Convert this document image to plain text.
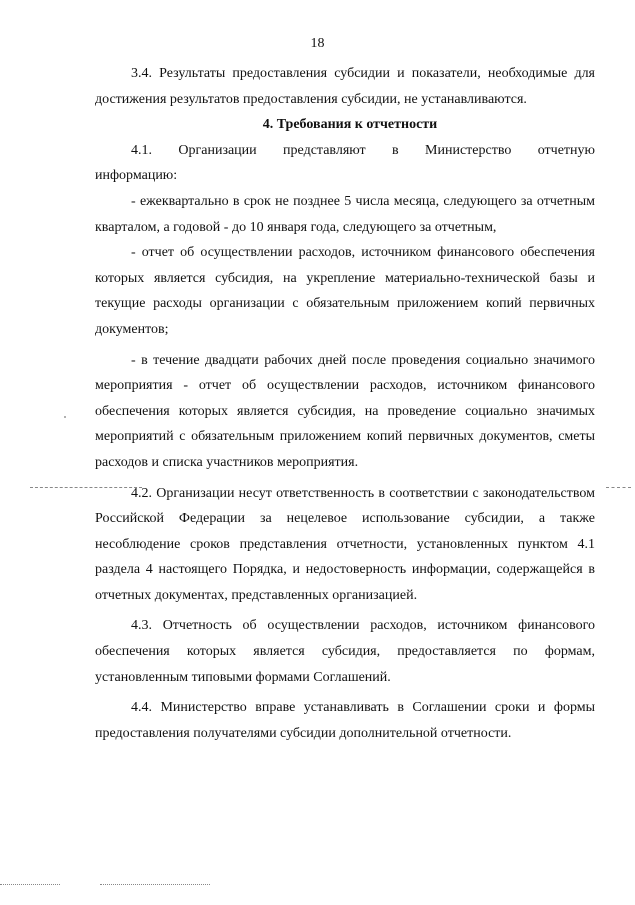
18

3.4. Результаты предоставления субсидии и показатели, необходимые для достижения результатов предоставления субсидии, не устанавливаются.

4. Требования к отчетности

4.1. Организации представляют в Министерство отчетную информацию:

- ежеквартально в срок не позднее 5 числа месяца, следующего за отчетным кварталом, а годовой - до 10 января года, следующего за отчетным,

- отчет об осуществлении расходов, источником финансового обеспечения которых является субсидия, на укрепление материально-технической базы и текущие расходы организации с обязательным приложением копий первичных документов;

- в течение двадцати рабочих дней после проведения социально значимого мероприятия - отчет об осуществлении расходов, источником финансового обеспечения которых является субсидия, на проведение социально значимых мероприятий с обязательным приложением копий первичных документов, сметы расходов и списка участников мероприятия.

4.2. Организации несут ответственность в соответствии с законодательством Российской Федерации за нецелевое использование субсидии, а также несоблюдение сроков представления отчетности, установленных пунктом 4.1 раздела 4 настоящего Порядка, и недостоверность информации, содержащейся в отчетных документах, представленных организацией.

4.3. Отчетность об осуществлении расходов, источником финансового обеспечения которых является субсидия, предоставляется по формам, установленным типовыми формами Соглашений.

4.4. Министерство вправе устанавливать в Соглашении сроки и формы предоставления получателями субсидии дополнительной отчетности.
